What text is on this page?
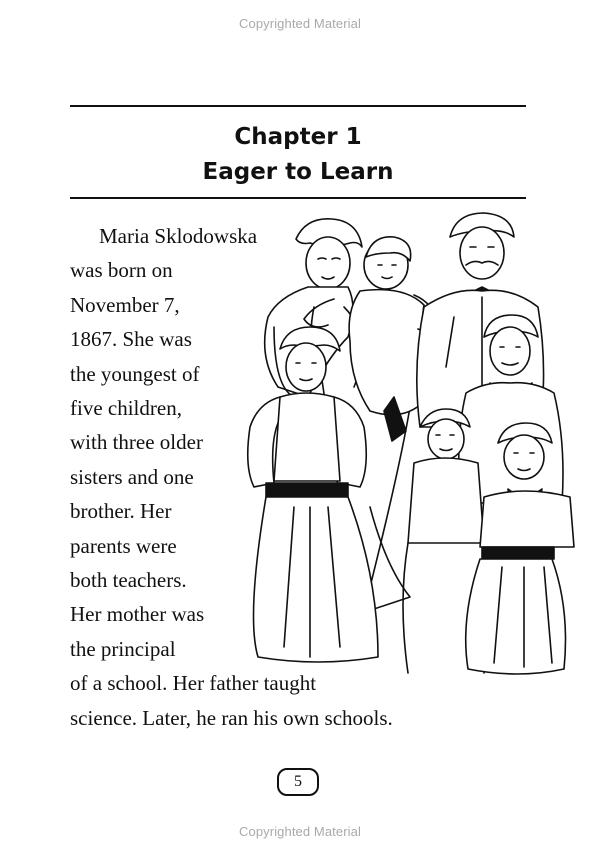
Copyrighted Material
Chapter 1
Eager to Learn
Maria Sklodowska
was born on
November 7,
1867. She was
the youngest of
five children,
with three older
sisters and one
brother. Her
parents were
both teachers.
Her mother was
the principal
of a school. Her father taught
science. Later, he ran his own schools.
5
Copyrighted Material
